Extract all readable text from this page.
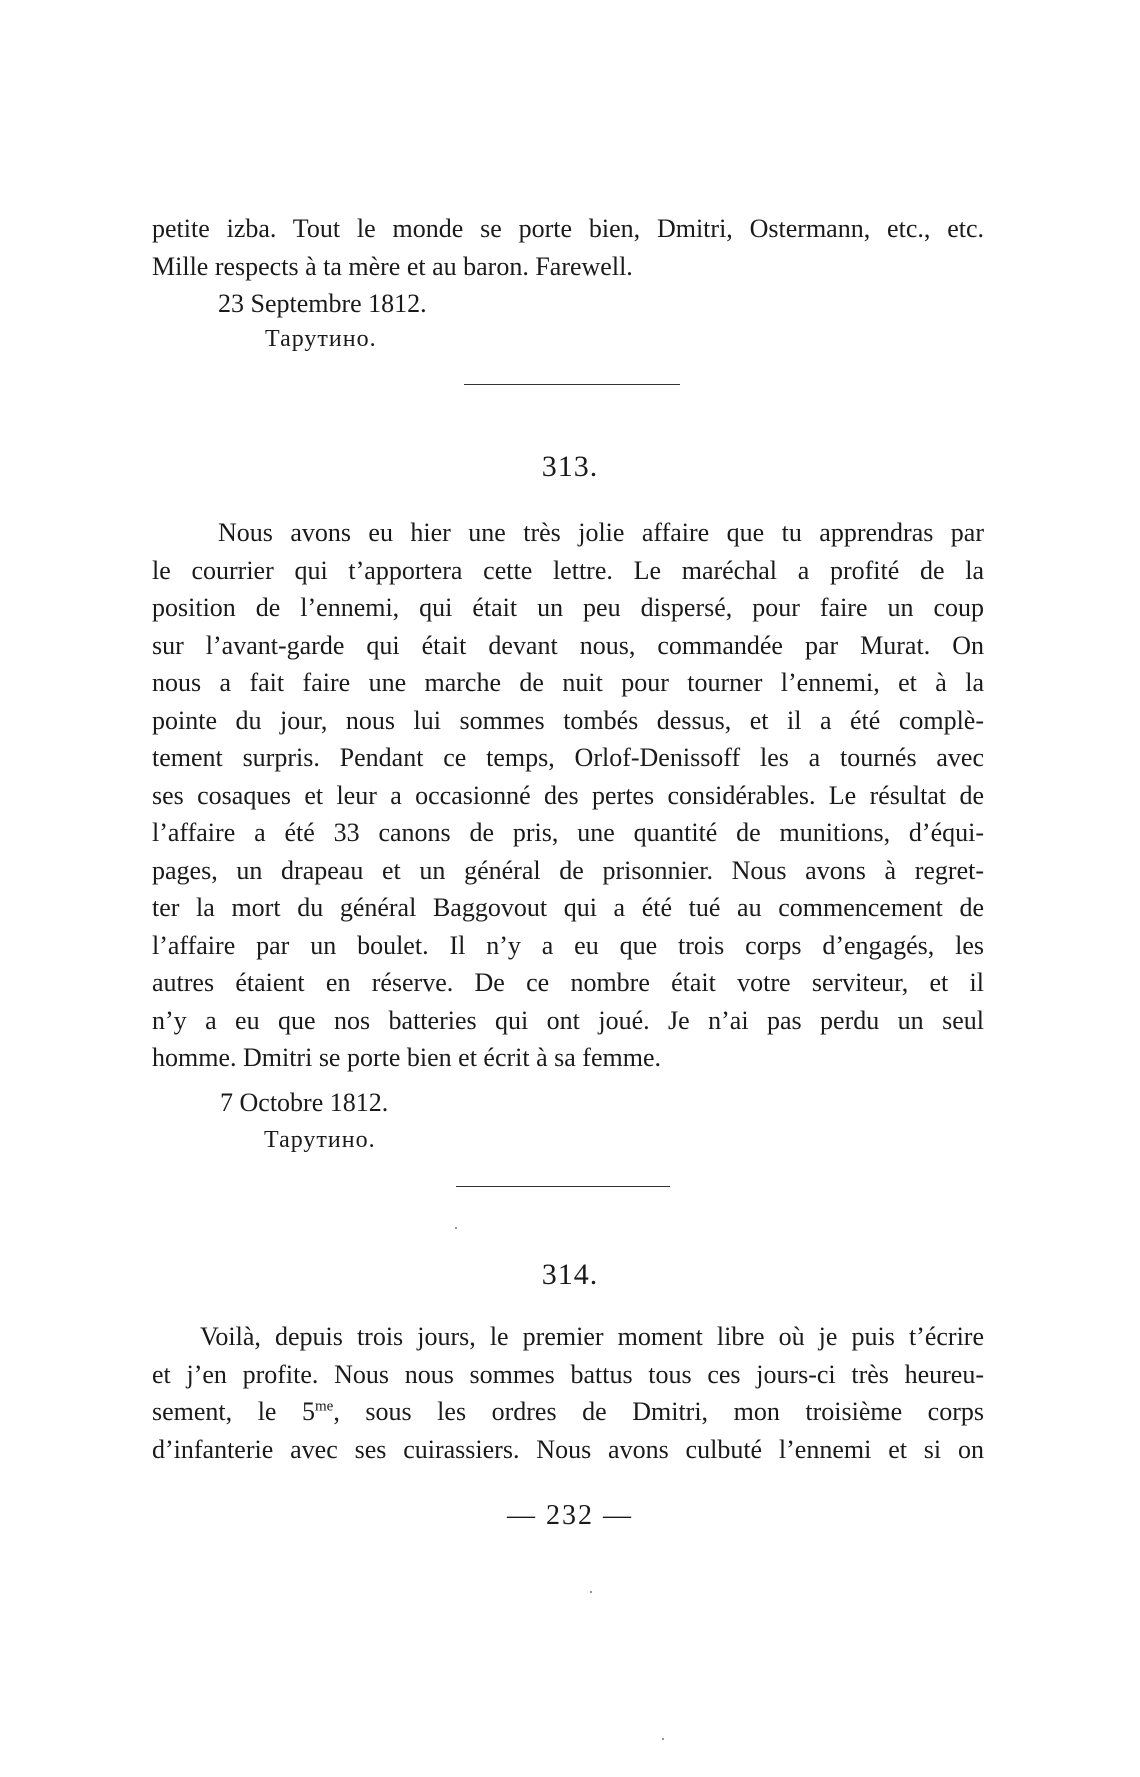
petite izba. Tout le monde se porte bien, Dmitri, Ostermann, etc., etc.
Mille respects à ta mère et au baron. Farewell.
23 Septembre 1812.
Тарутино.
313.
Nous avons eu hier une très jolie affaire que tu apprendras par
le courrier qui t’apportera cette lettre. Le maréchal a profité de la
position de l’ennemi, qui était un peu dispersé, pour faire un coup
sur l’avant-garde qui était devant nous, commandée par Murat. On
nous a fait faire une marche de nuit pour tourner l’ennemi, et à la
pointe du jour, nous lui sommes tombés dessus, et il a été complè-
tement surpris. Pendant ce temps, Orlof-Denissoff les a tournés avec
ses cosaques et leur a occasionné des pertes considérables. Le résultat de
l’affaire a été 33 canons de pris, une quantité de munitions, d’équi-
pages, un drapeau et un général de prisonnier. Nous avons à regret-
ter la mort du général Baggovout qui a été tué au commencement de
l’affaire par un boulet. Il n’y a eu que trois corps d’engagés, les
autres étaient en réserve. De ce nombre était votre serviteur, et il
n’y a eu que nos batteries qui ont joué. Je n’ai pas perdu un seul
homme. Dmitri se porte bien et écrit à sa femme.
7 Octobre 1812.
Тарутино.
314.
Voilà, depuis trois jours, le premier moment libre où je puis t’écrire
et j’en profite. Nous nous sommes battus tous ces jours-ci très heureu-
sement, le $5^{me}$, sous les ordres de Dmitri, mon troisième corps
d’infanterie avec ses cuirassiers. Nous avons culbuté l’ennemi et si on
— 232 —
